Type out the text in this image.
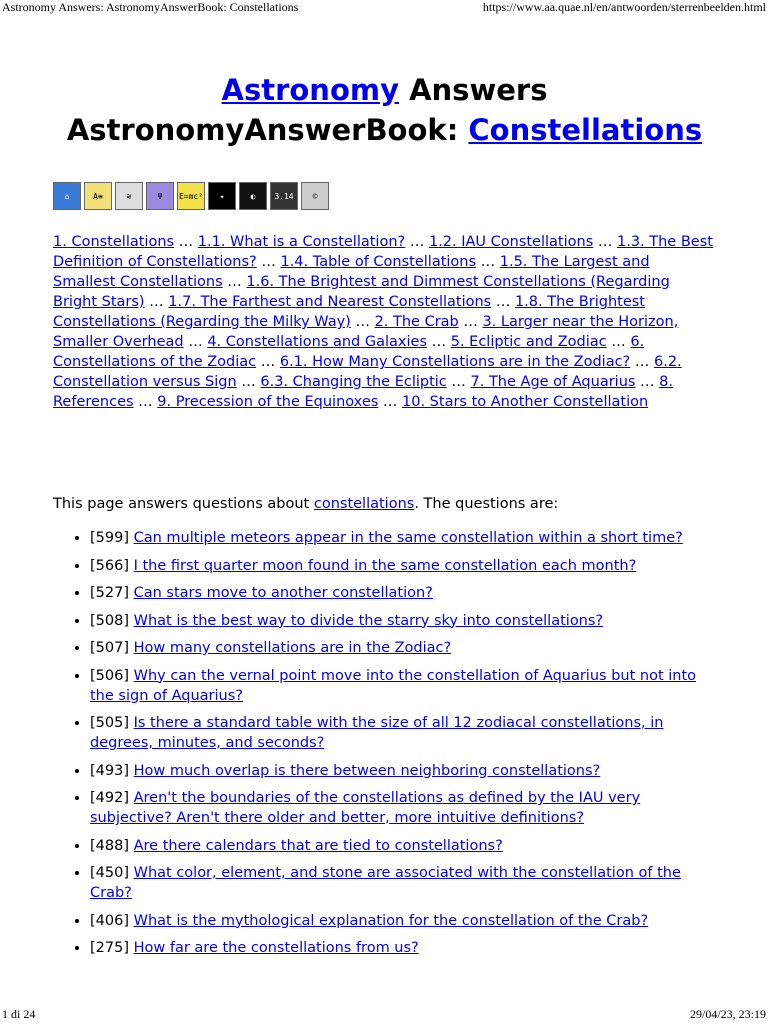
Astronomy Answers: AstronomyAnswerBook: Constellations	https://www.aa.quae.nl/en/antwoorden/sterrenbeelden.html
Astronomy Answers
AstronomyAnswerBook: Constellations
⌂	A≡	≋	Ψ	E=mc²	✦	◐	3.14	©
1. Constellations … 1.1. What is a Constellation? … 1.2. IAU Constellations … 1.3. The Best Definition of Constellations? … 1.4. Table of Constellations … 1.5. The Largest and Smallest Constellations … 1.6. The Brightest and Dimmest Constellations (Regarding Bright Stars) … 1.7. The Farthest and Nearest Constellations … 1.8. The Brightest Constellations (Regarding the Milky Way) … 2. The Crab … 3. Larger near the Horizon, Smaller Overhead … 4. Constellations and Galaxies … 5. Ecliptic and Zodiac … 6. Constellations of the Zodiac … 6.1. How Many Constellations are in the Zodiac? … 6.2. Constellation versus Sign … 6.3. Changing the Ecliptic … 7. The Age of Aquarius … 8. References … 9. Precession of the Equinoxes … 10. Stars to Another Constellation

This page answers questions about constellations. The questions are:

• [599] Can multiple meteors appear in the same constellation within a short time?
• [566] I the first quarter moon found in the same constellation each month?
• [527] Can stars move to another constellation?
• [508] What is the best way to divide the starry sky into constellations?
• [507] How many constellations are in the Zodiac?
• [506] Why can the vernal point move into the constellation of Aquarius but not into the sign of Aquarius?
• [505] Is there a standard table with the size of all 12 zodiacal constellations, in degrees, minutes, and seconds?
• [493] How much overlap is there between neighboring constellations?
• [492] Aren't the boundaries of the constellations as defined by the IAU very subjective? Aren't there older and better, more intuitive definitions?
• [488] Are there calendars that are tied to constellations?
• [450] What color, element, and stone are associated with the constellation of the Crab?
• [406] What is the mythological explanation for the constellation of the Crab?
• [275] How far are the constellations from us?
1 di 24	29/04/23, 23:19
